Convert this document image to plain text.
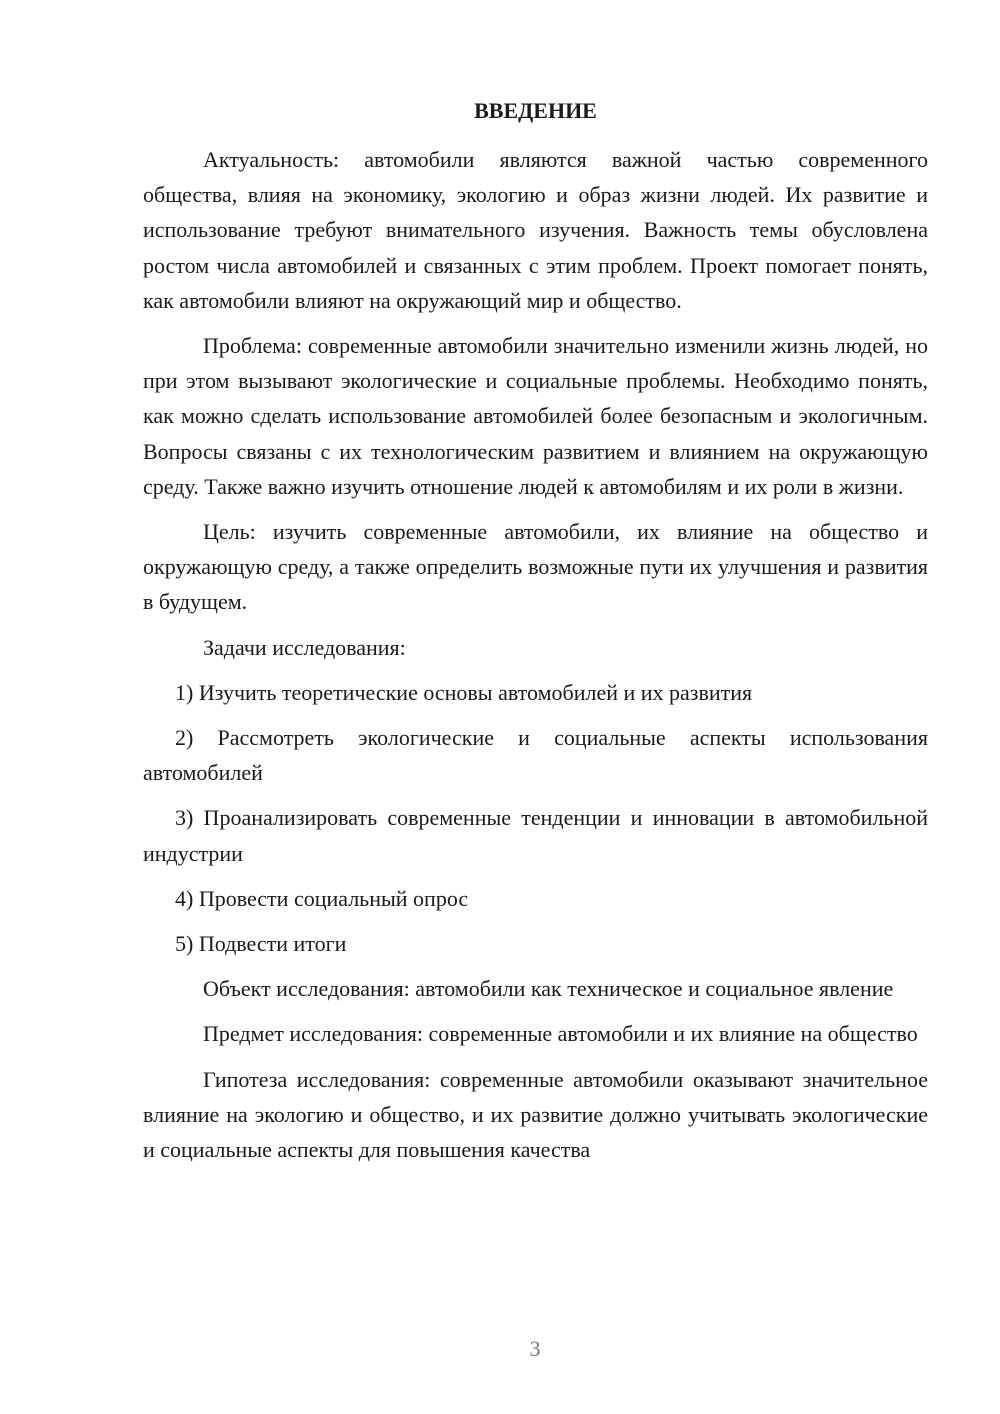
ВВЕДЕНИЕ

Актуальность: автомобили являются важной частью современного общества, влияя на экономику, экологию и образ жизни людей. Их развитие и использование требуют внимательного изучения. Важность темы обусловлена ростом числа автомобилей и связанных с этим проблем. Проект помогает понять, как автомобили влияют на окружающий мир и общество.

Проблема: современные автомобили значительно изменили жизнь людей, но при этом вызывают экологические и социальные проблемы. Необходимо понять, как можно сделать использование автомобилей более безопасным и экологичным. Вопросы связаны с их технологическим развитием и влиянием на окружающую среду. Также важно изучить отношение людей к автомобилям и их роли в жизни.

Цель: изучить современные автомобили, их влияние на общество и окружающую среду, а также определить возможные пути их улучшения и развития в будущем.

Задачи исследования:

1) Изучить теоретические основы автомобилей и их развития

2) Рассмотреть экологические и социальные аспекты использования автомобилей

3) Проанализировать современные тенденции и инновации в автомобильной индустрии

4) Провести социальный опрос

5) Подвести итоги

Объект исследования: автомобили как техническое и социальное явление

Предмет исследования: современные автомобили и их влияние на общество

Гипотеза исследования: современные автомобили оказывают значительное влияние на экологию и общество, и их развитие должно учитывать экологические и социальные аспекты для повышения качества

3
